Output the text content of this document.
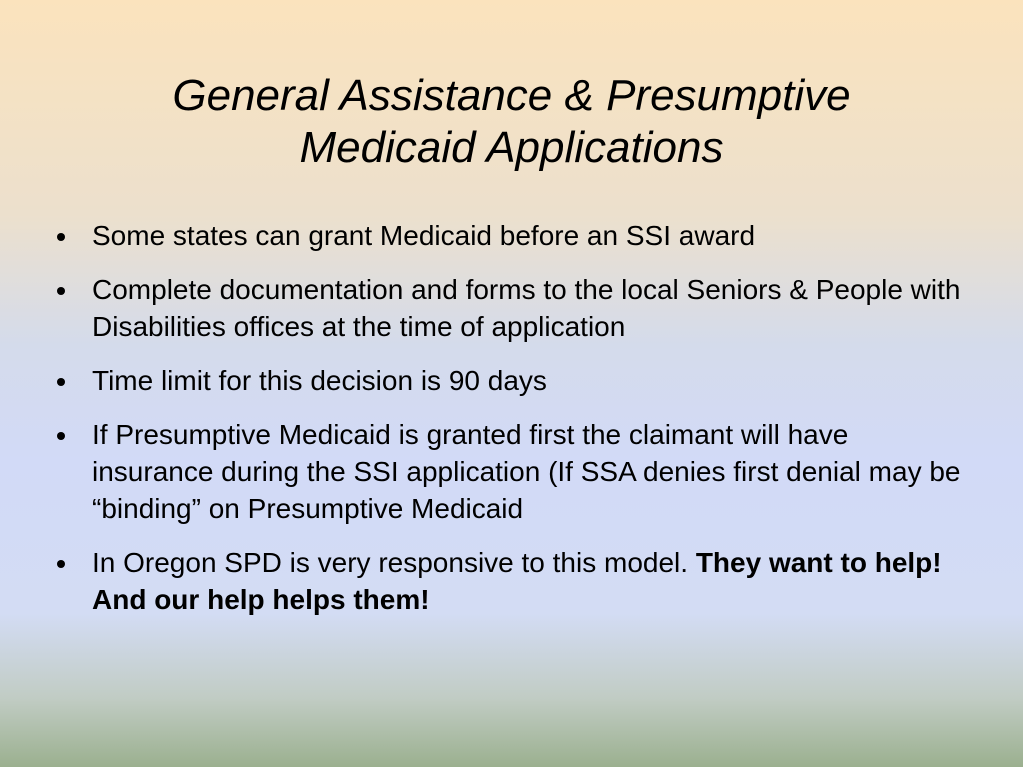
General Assistance & Presumptive
Medicaid Applications
Some states can grant Medicaid before an SSI award
Complete documentation and forms to the local Seniors & People with Disabilities offices at the time of application
Time limit for this decision is 90 days
If Presumptive Medicaid is granted first the claimant will have insurance during the SSI application (If SSA denies first denial may be “binding” on Presumptive Medicaid
In Oregon SPD is very responsive to this model. They want to help! And our help helps them!
